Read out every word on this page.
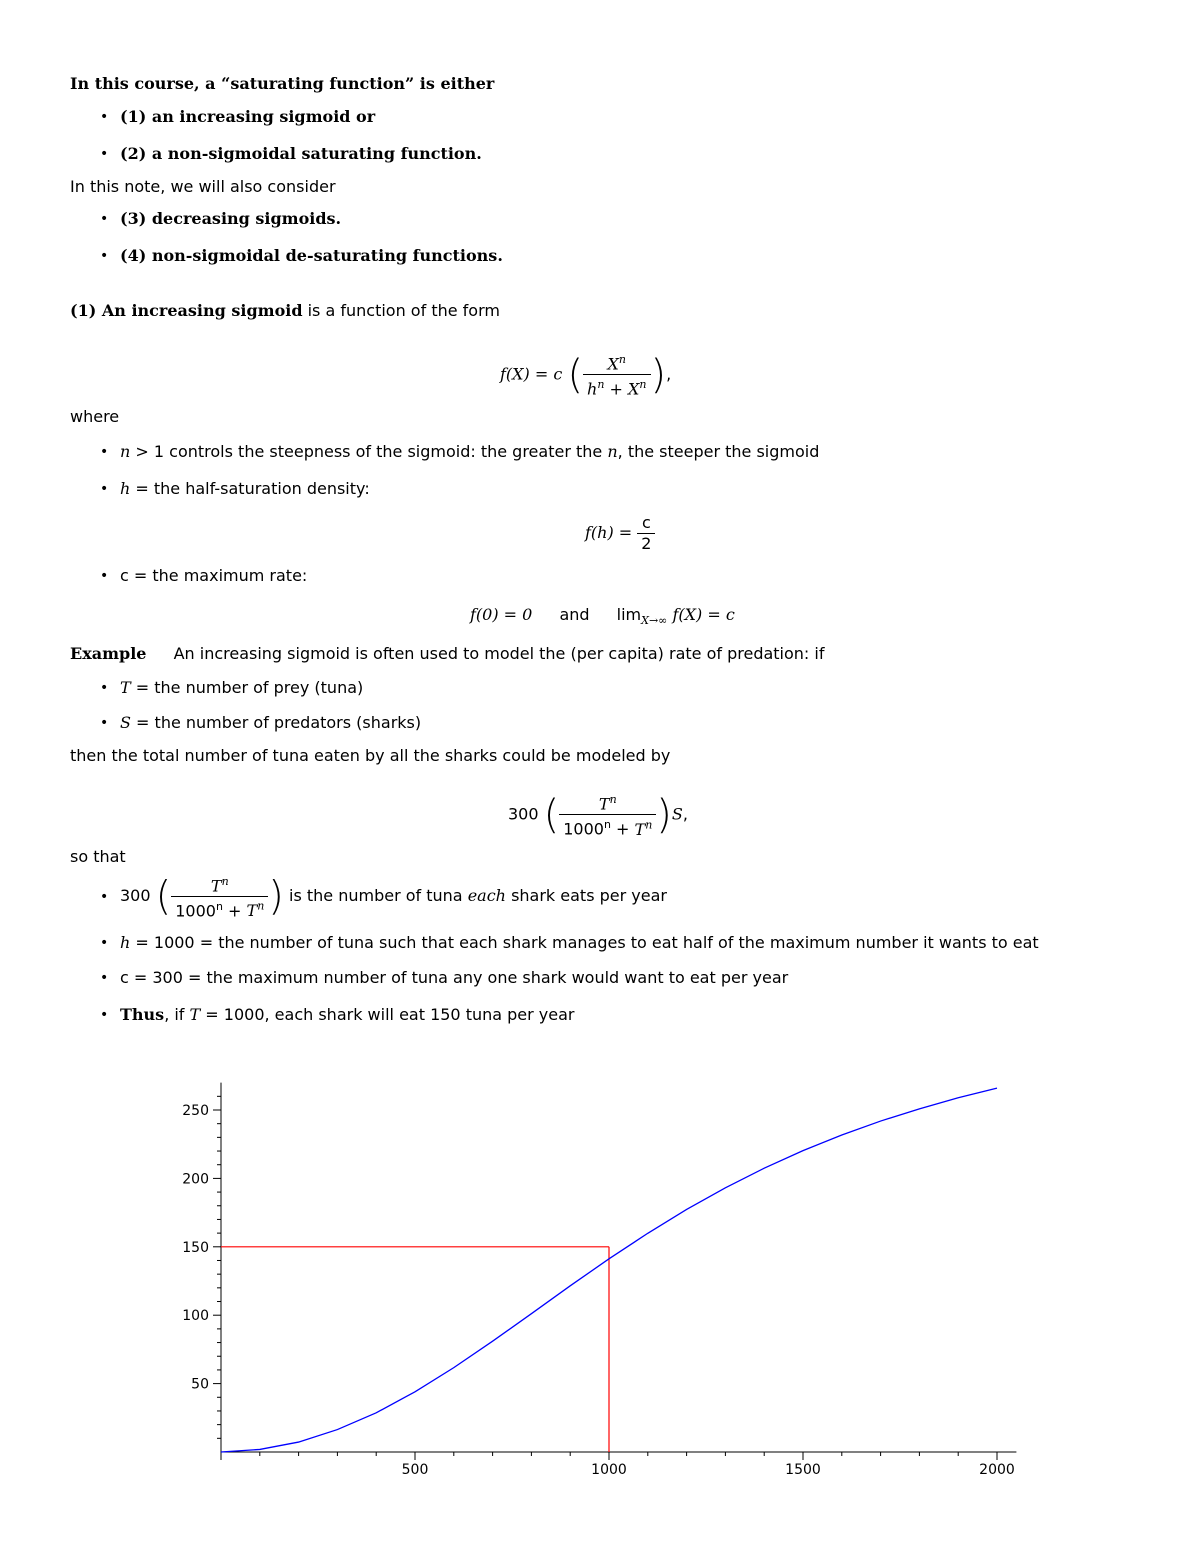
In this course, a “saturating function” is either
• (1) an increasing sigmoid or
• (2) a non-sigmoidal saturating function.
In this note, we will also consider
• (3) decreasing sigmoids.
• (4) non-sigmoidal de-saturating functions.
(1) An increasing sigmoid is a function of the form
f(X) = c ( $\frac{X^n}{h^n + X^n}$ ),
where
• n > 1 controls the steepness of the sigmoid: the greater the n, the steeper the sigmoid
• h = the half-saturation density:
$f(h) = \frac{c}{2}$
• c = the maximum rate:
f(0) = 0 and $\lim_{X\to\infty} f(X) = c$
Example An increasing sigmoid is often used to model the (per capita) rate of predation: if
• T = the number of prey (tuna)
• S = the number of predators (sharks)
then the total number of tuna eaten by all the sharks could be modeled by
300 ( $\frac{T^n}{1000^n + T^n} )S$,
so that
• 300 ( $\frac{T^n}{1000^n + T^n}$ ) is the number of tuna each shark eats per year
• h = 1000 = the number of tuna such that each shark manages to eat half of the maximum number it wants to eat
• c = 300 = the maximum number of tuna any one shark would want to eat per year
• Thus, if T = 1000, each shark will eat 150 tuna per year
500	1000	1500	2000
50
100
150
200
250
